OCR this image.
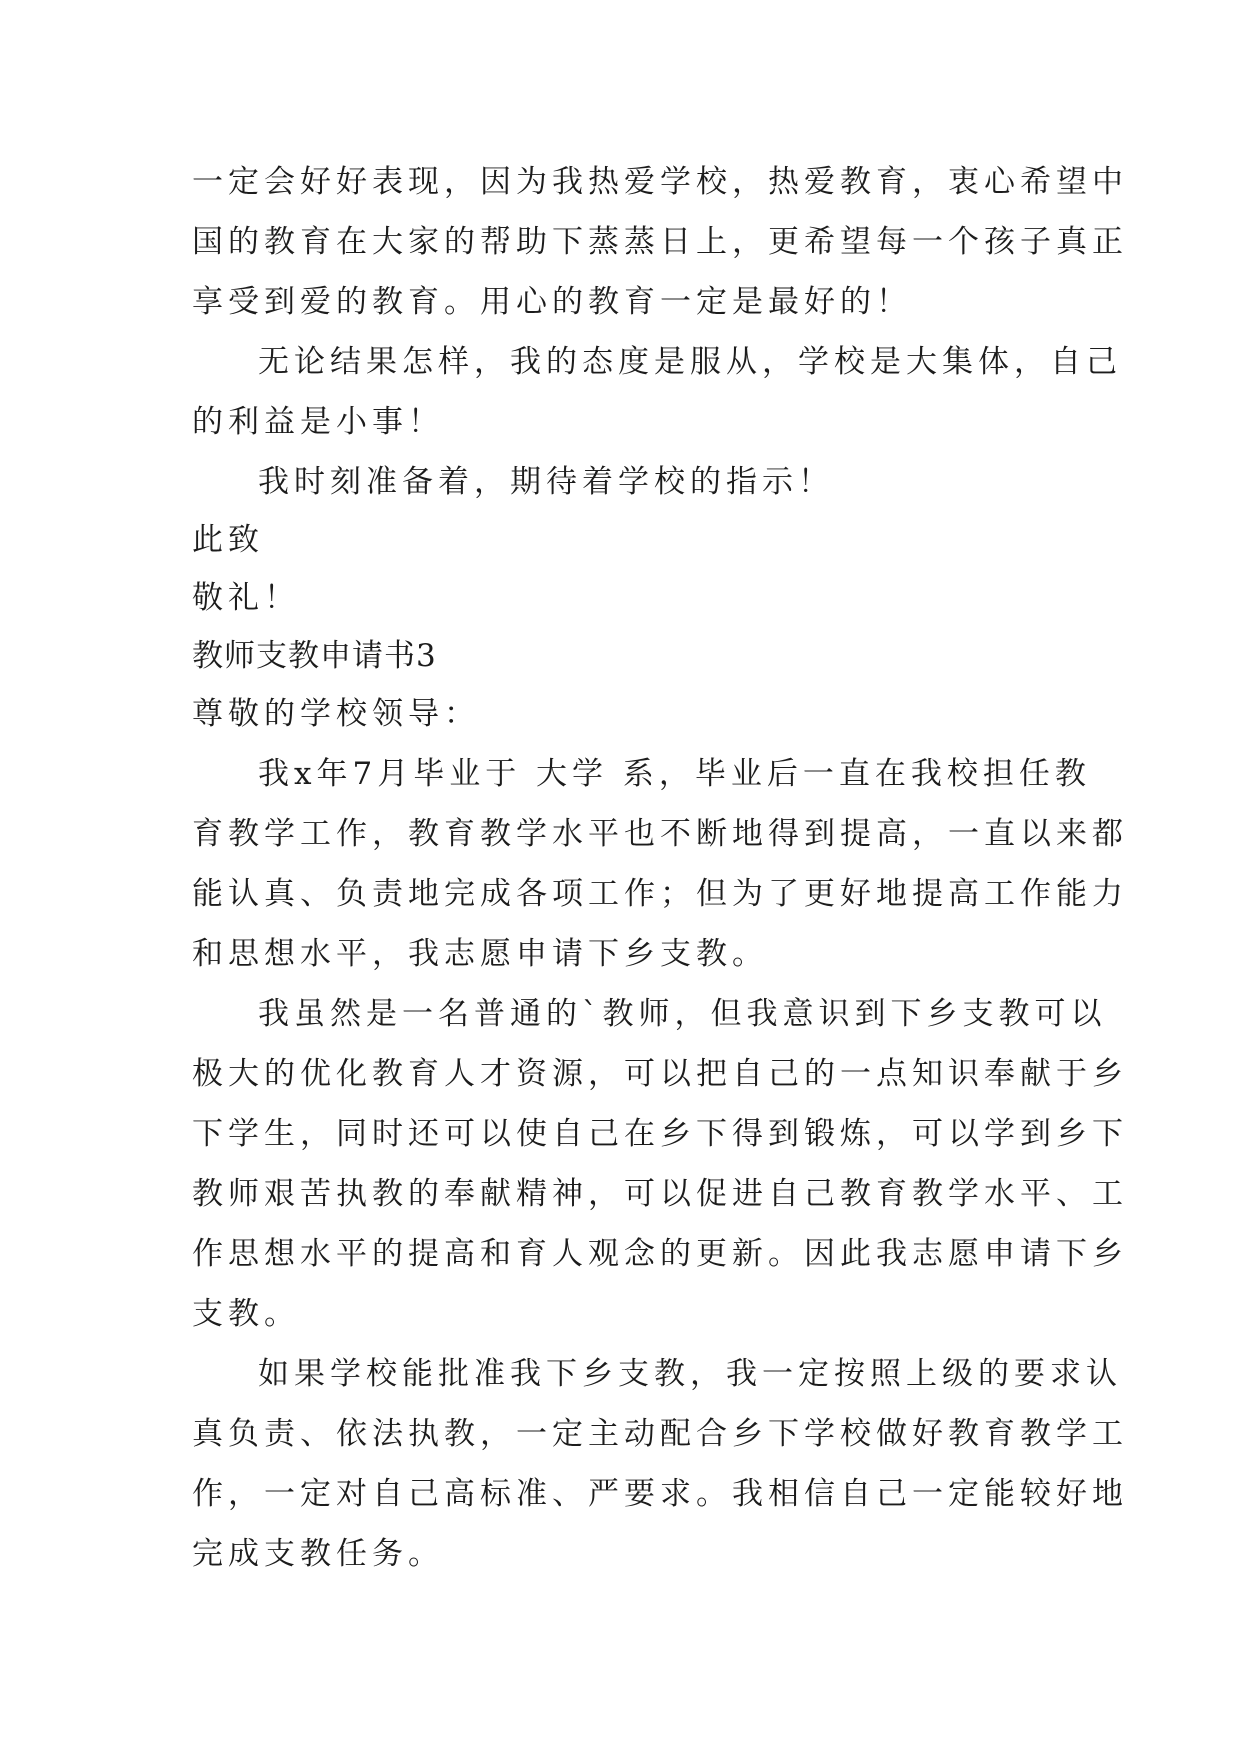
一定会好好表现，因为我热爱学校，热爱教育，衷心希望中
国的教育在大家的帮助下蒸蒸日上，更希望每一个孩子真正
享受到爱的教育。用心的教育一定是最好的！
无论结果怎样，我的态度是服从，学校是大集体，自己
的利益是小事！
我时刻准备着，期待着学校的指示！
此致
敬礼！
教师支教申请书3
尊敬的学校领导：
我x年7月毕业于 大学 系，毕业后一直在我校担任教
育教学工作，教育教学水平也不断地得到提高，一直以来都
能认真、负责地完成各项工作；但为了更好地提高工作能力
和思想水平，我志愿申请下乡支教。
我虽然是一名普通的`教师，但我意识到下乡支教可以
极大的优化教育人才资源，可以把自己的一点知识奉献于乡
下学生，同时还可以使自己在乡下得到锻炼，可以学到乡下
教师艰苦执教的奉献精神，可以促进自己教育教学水平、工
作思想水平的提高和育人观念的更新。因此我志愿申请下乡
支教。
如果学校能批准我下乡支教，我一定按照上级的要求认
真负责、依法执教，一定主动配合乡下学校做好教育教学工
作，一定对自己高标准、严要求。我相信自己一定能较好地
完成支教任务。
